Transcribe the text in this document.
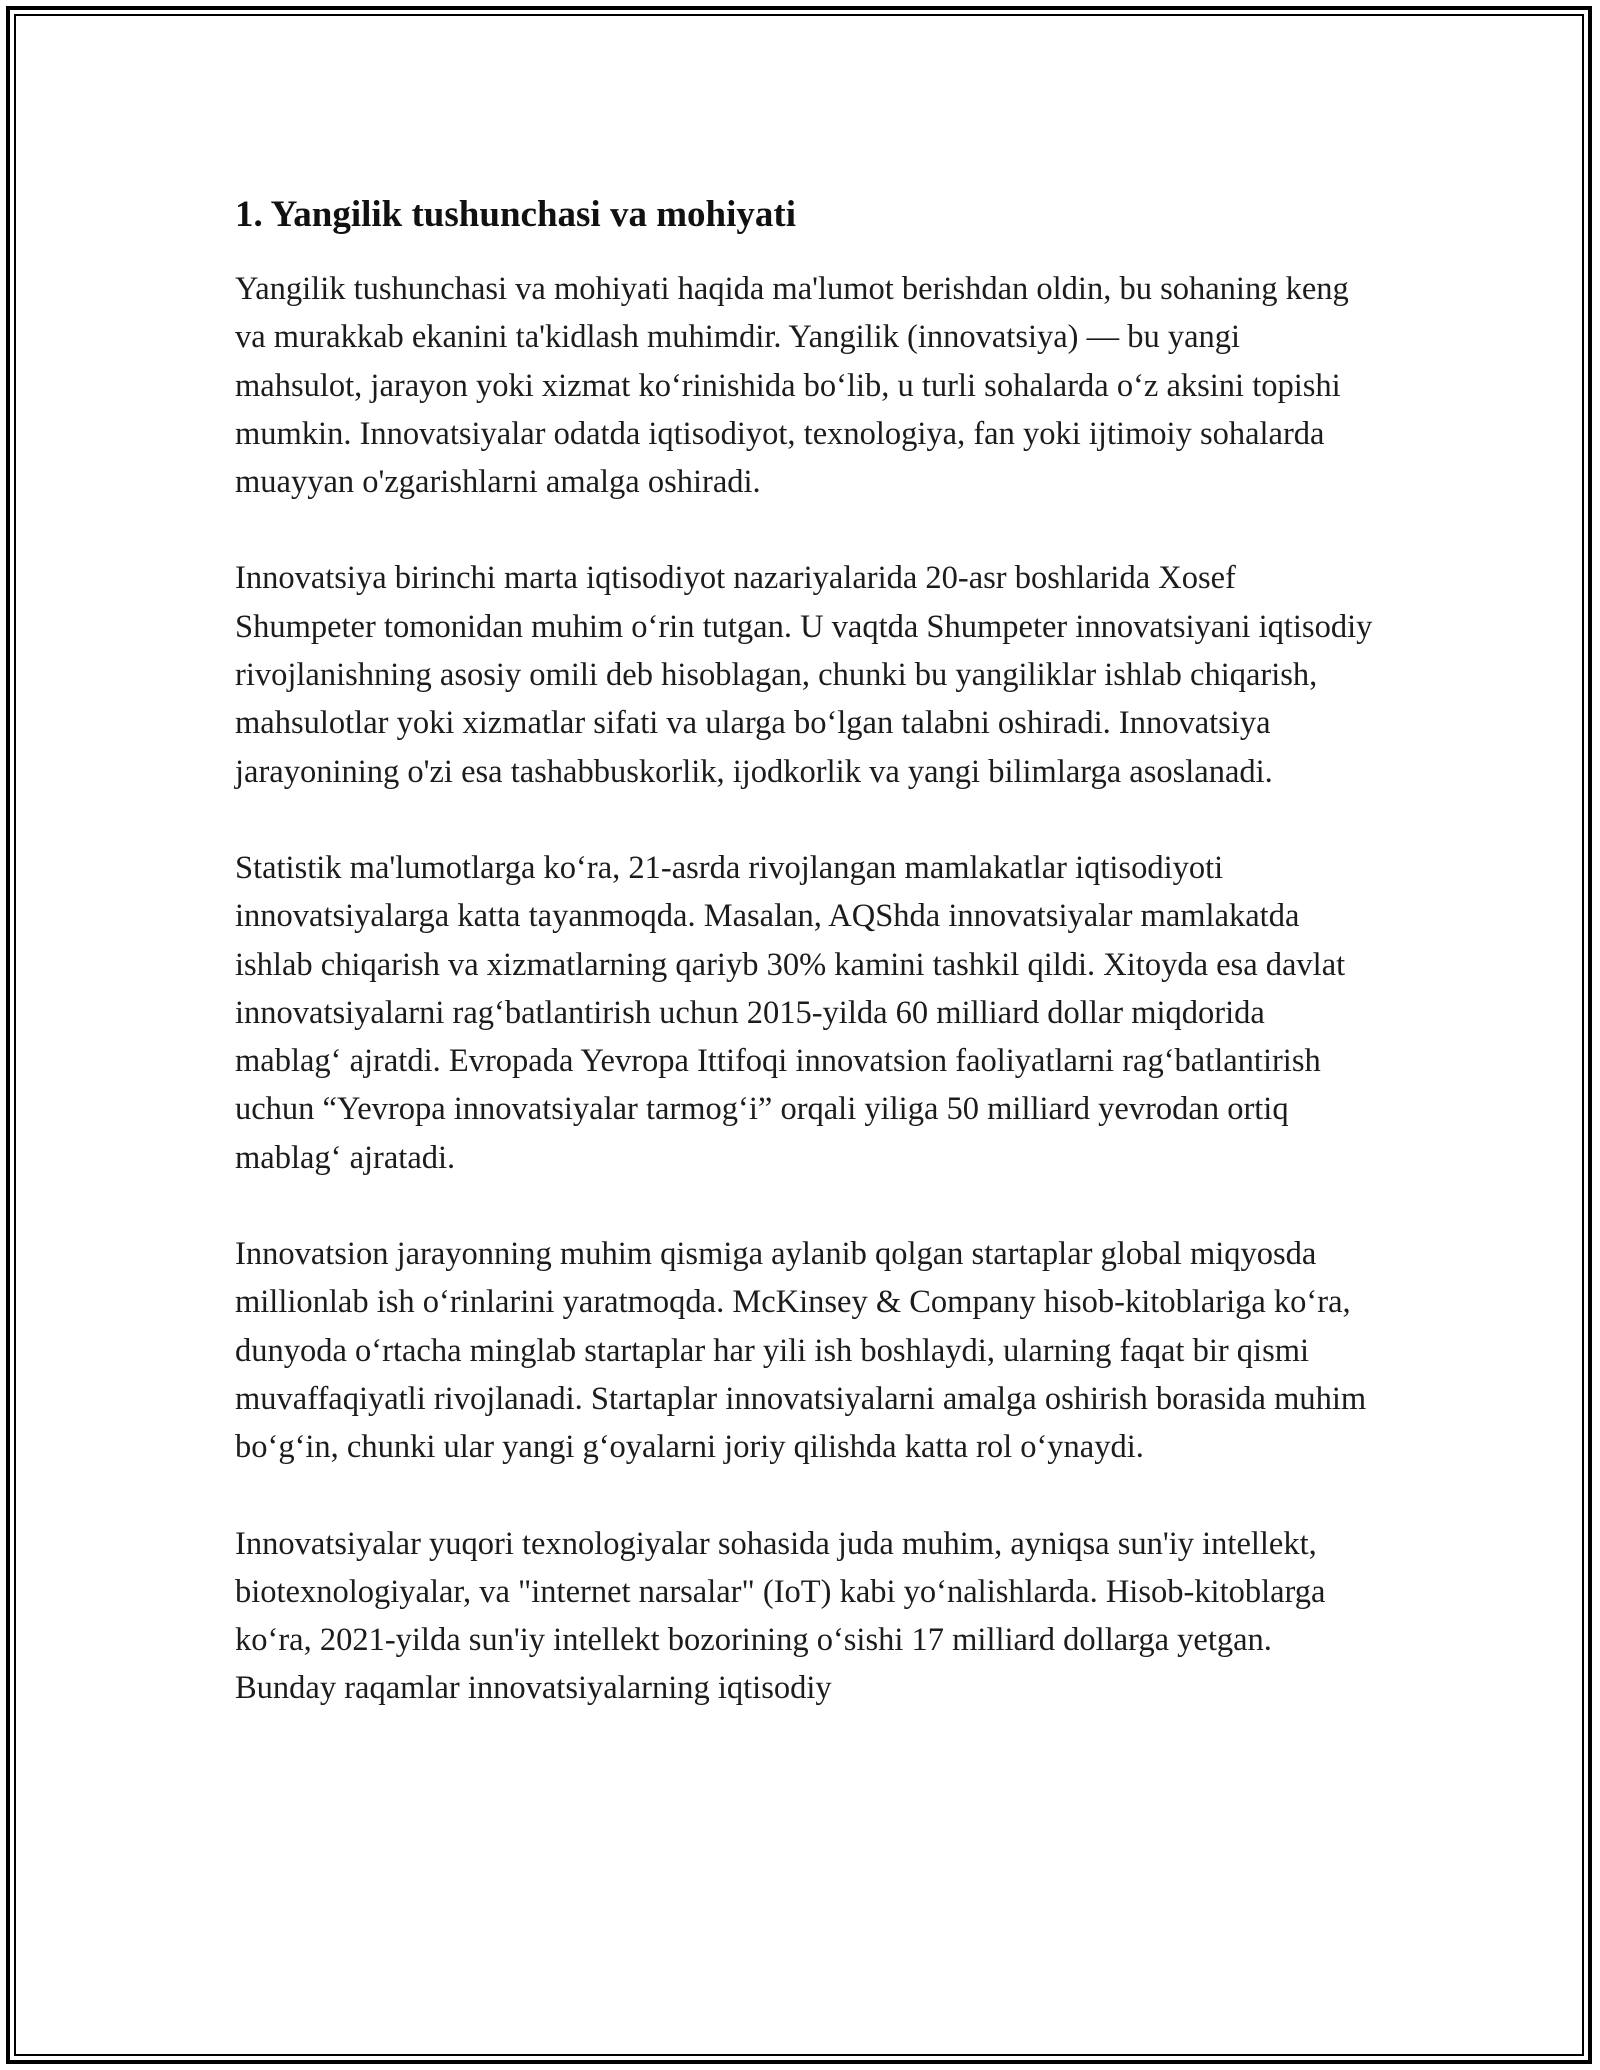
1. Yangilik tushunchasi va mohiyati

Yangilik tushunchasi va mohiyati haqida ma'lumot berishdan oldin, bu sohaning keng va murakkab ekanini ta'kidlash muhimdir. Yangilik (innovatsiya) — bu yangi mahsulot, jarayon yoki xizmat ko‘rinishida bo‘lib, u turli sohalarda o‘z aksini topishi mumkin. Innovatsiyalar odatda iqtisodiyot, texnologiya, fan yoki ijtimoiy sohalarda muayyan o'zgarishlarni amalga oshiradi.

Innovatsiya birinchi marta iqtisodiyot nazariyalarida 20-asr boshlarida Xosef Shumpeter tomonidan muhim o‘rin tutgan. U vaqtda Shumpeter innovatsiyani iqtisodiy rivojlanishning asosiy omili deb hisoblagan, chunki bu yangiliklar ishlab chiqarish, mahsulotlar yoki xizmatlar sifati va ularga bo‘lgan talabni oshiradi. Innovatsiya jarayonining o'zi esa tashabbuskorlik, ijodkorlik va yangi bilimlarga asoslanadi.

Statistik ma'lumotlarga ko‘ra, 21-asrda rivojlangan mamlakatlar iqtisodiyoti innovatsiyalarga katta tayanmoqda. Masalan, AQShda innovatsiyalar mamlakatda ishlab chiqarish va xizmatlarning qariyb 30% kamini tashkil qildi. Xitoyda esa davlat innovatsiyalarni rag‘batlantirish uchun 2015-yilda 60 milliard dollar miqdorida mablag‘ ajratdi. Evropada Yevropa Ittifoqi innovatsion faoliyatlarni rag‘batlantirish uchun “Yevropa innovatsiyalar tarmog‘i” orqali yiliga 50 milliard yevrodan ortiq mablag‘ ajratadi.

Innovatsion jarayonning muhim qismiga aylanib qolgan startaplar global miqyosda millionlab ish o‘rinlarini yaratmoqda. McKinsey & Company hisob-kitoblariga ko‘ra, dunyoda o‘rtacha minglab startaplar har yili ish boshlaydi, ularning faqat bir qismi muvaffaqiyatli rivojlanadi. Startaplar innovatsiyalarni amalga oshirish borasida muhim bo‘g‘in, chunki ular yangi g‘oyalarni joriy qilishda katta rol o‘ynaydi.

Innovatsiyalar yuqori texnologiyalar sohasida juda muhim, ayniqsa sun'iy intellekt, biotexnologiyalar, va "internet narsalar" (IoT) kabi yo‘nalishlarda. Hisob-kitoblarga ko‘ra, 2021-yilda sun'iy intellekt bozorining o‘sishi 17 milliard dollarga yetgan. Bunday raqamlar innovatsiyalarning iqtisodiy
